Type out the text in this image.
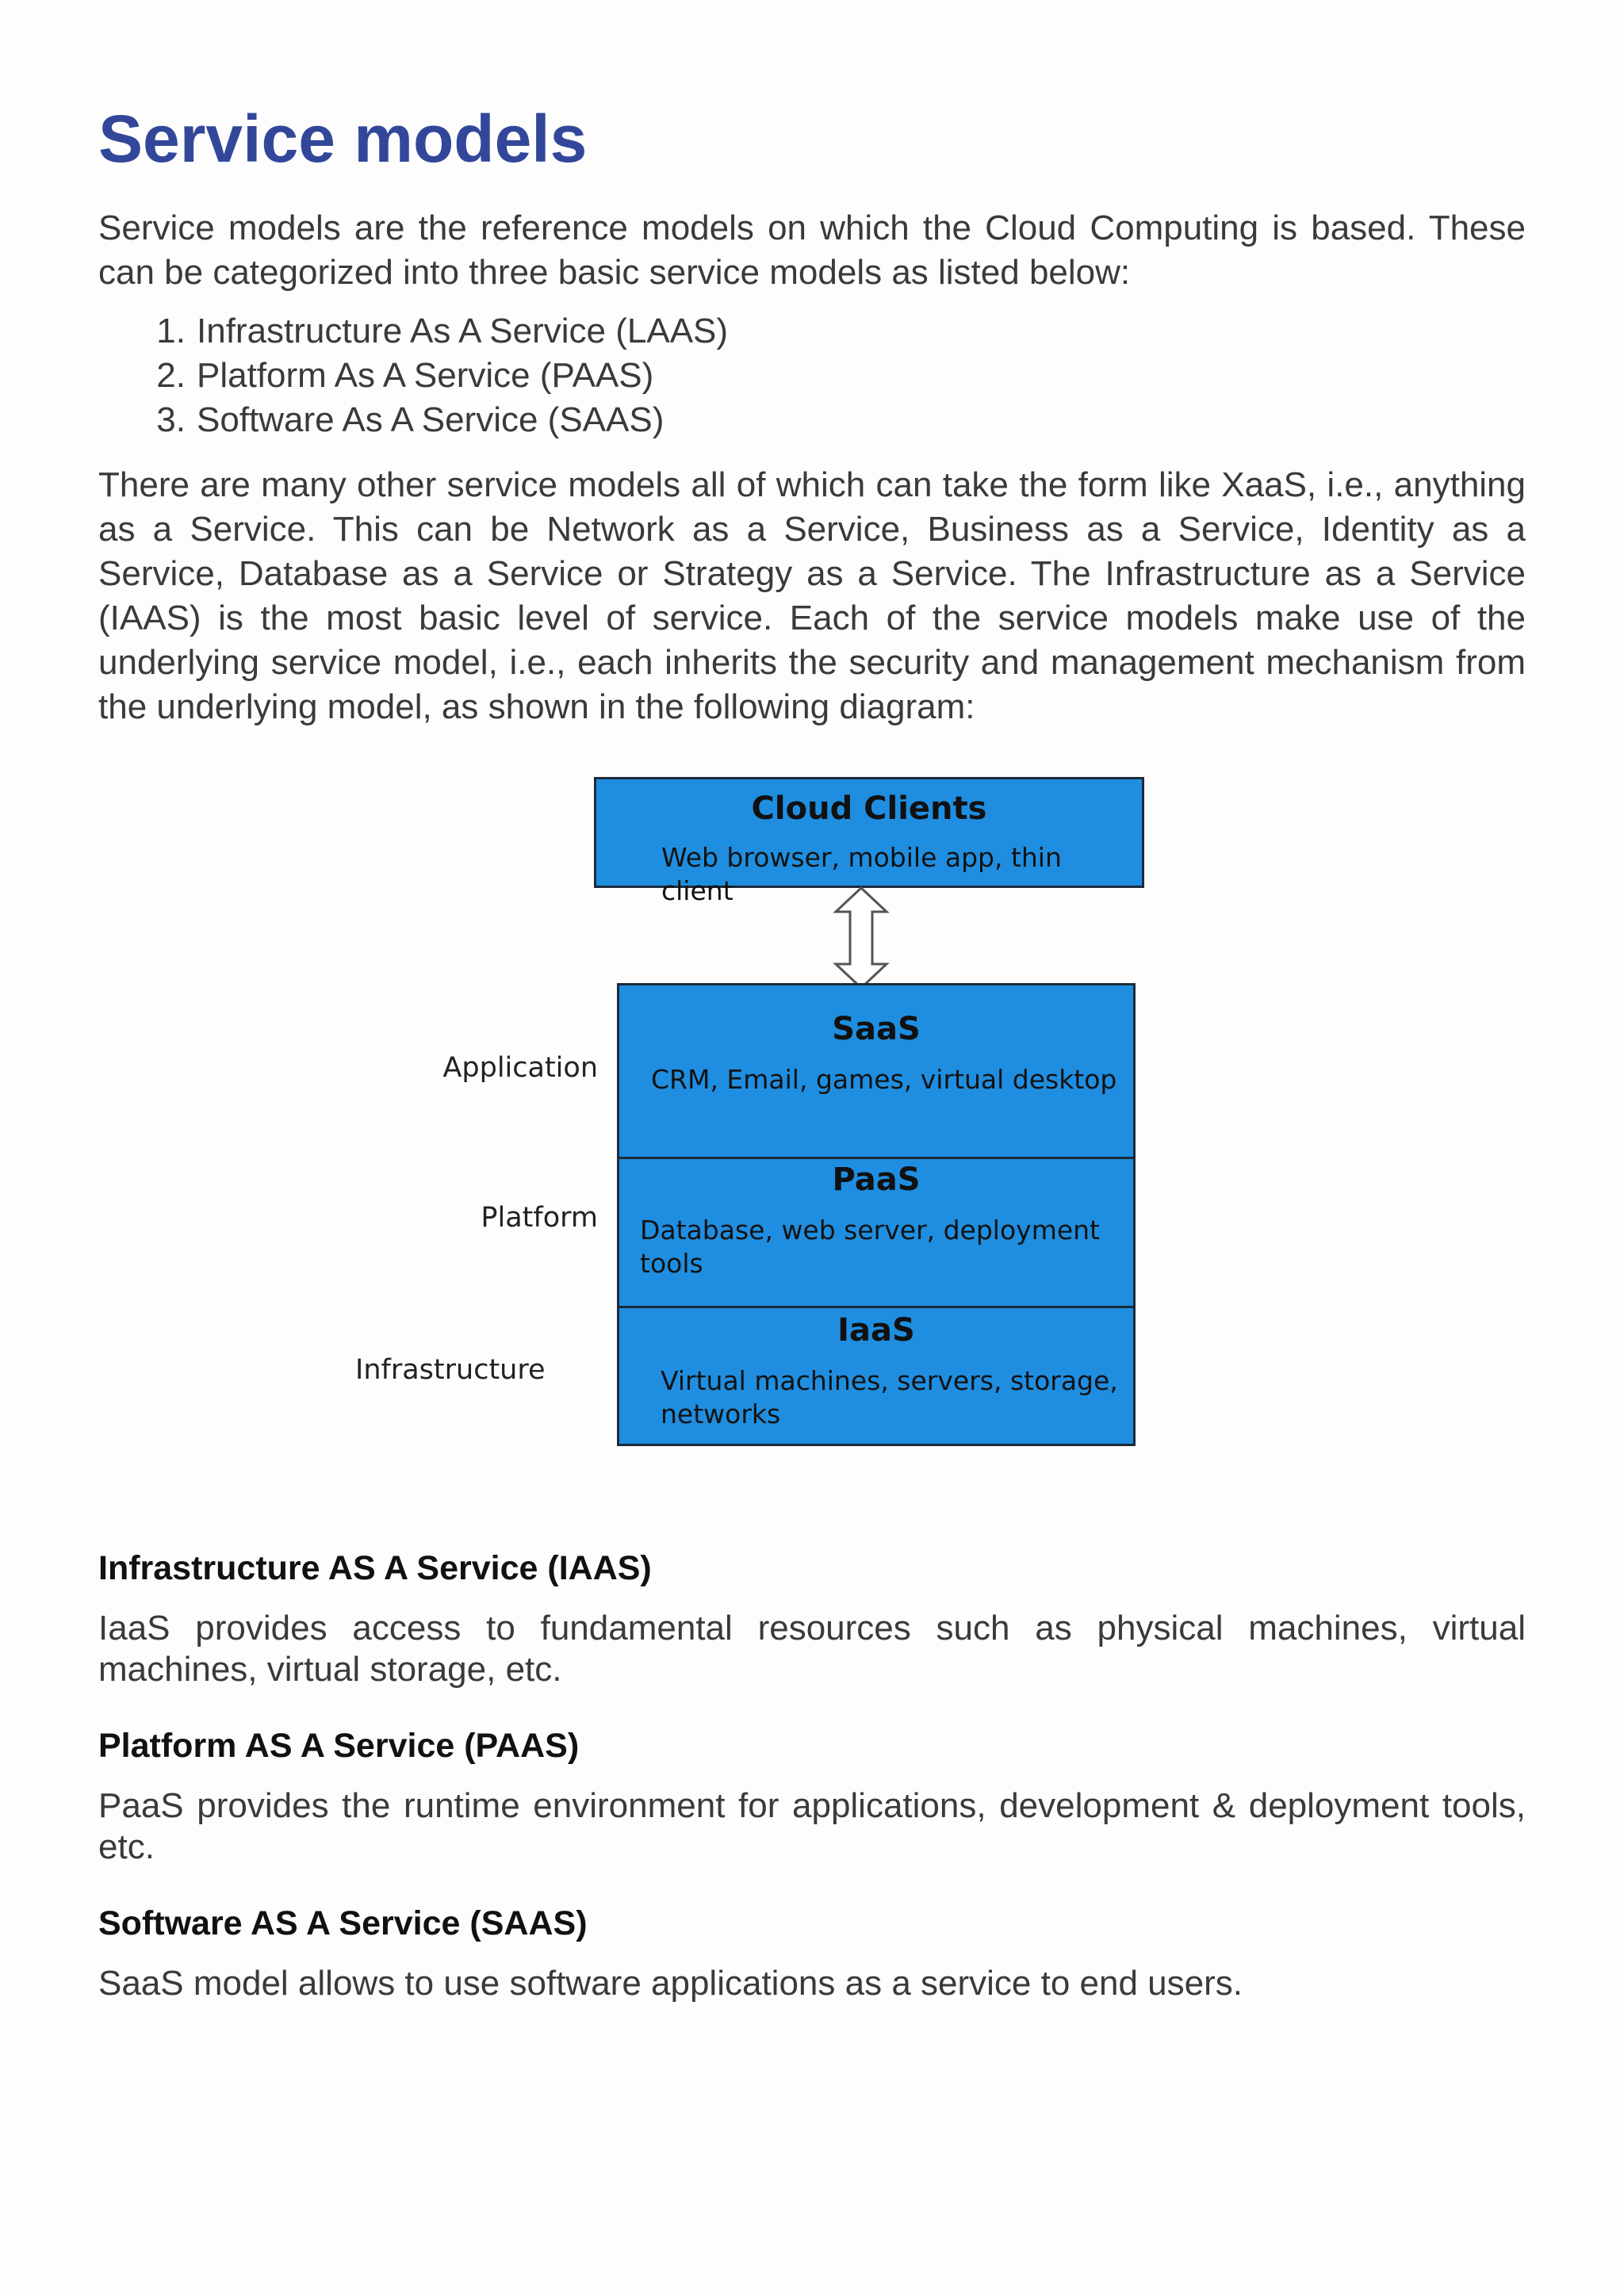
Service models

Service models are the reference models on which the Cloud Computing is based. These can be categorized into three basic service models as listed below:

1. Infrastructure As A Service (LAAS)
2. Platform As A Service (PAAS)
3. Software As A Service (SAAS)

There are many other service models all of which can take the form like XaaS, i.e., anything as a Service. This can be Network as a Service, Business as a Service, Identity as a Service, Database as a Service or Strategy as a Service. The Infrastructure as a Service (IAAS) is the most basic level of service. Each of the service models make use of the underlying service model, i.e., each inherits the security and management mechanism from the underlying model, as shown in the following diagram:

Cloud Clients
Web browser, mobile app, thin client
Application
Platform
Infrastructure
SaaS
CRM, Email, games, virtual desktop
PaaS
Database, web server, deployment
tools
IaaS
Virtual machines, servers, storage,
networks
Infrastructure AS A Service (IAAS)

IaaS provides access to fundamental resources such as physical machines, virtual machines, virtual storage, etc.

Platform AS A Service (PAAS)

PaaS provides the runtime environment for applications, development & deployment tools, etc.

Software AS A Service (SAAS)

SaaS model allows to use software applications as a service to end users.
